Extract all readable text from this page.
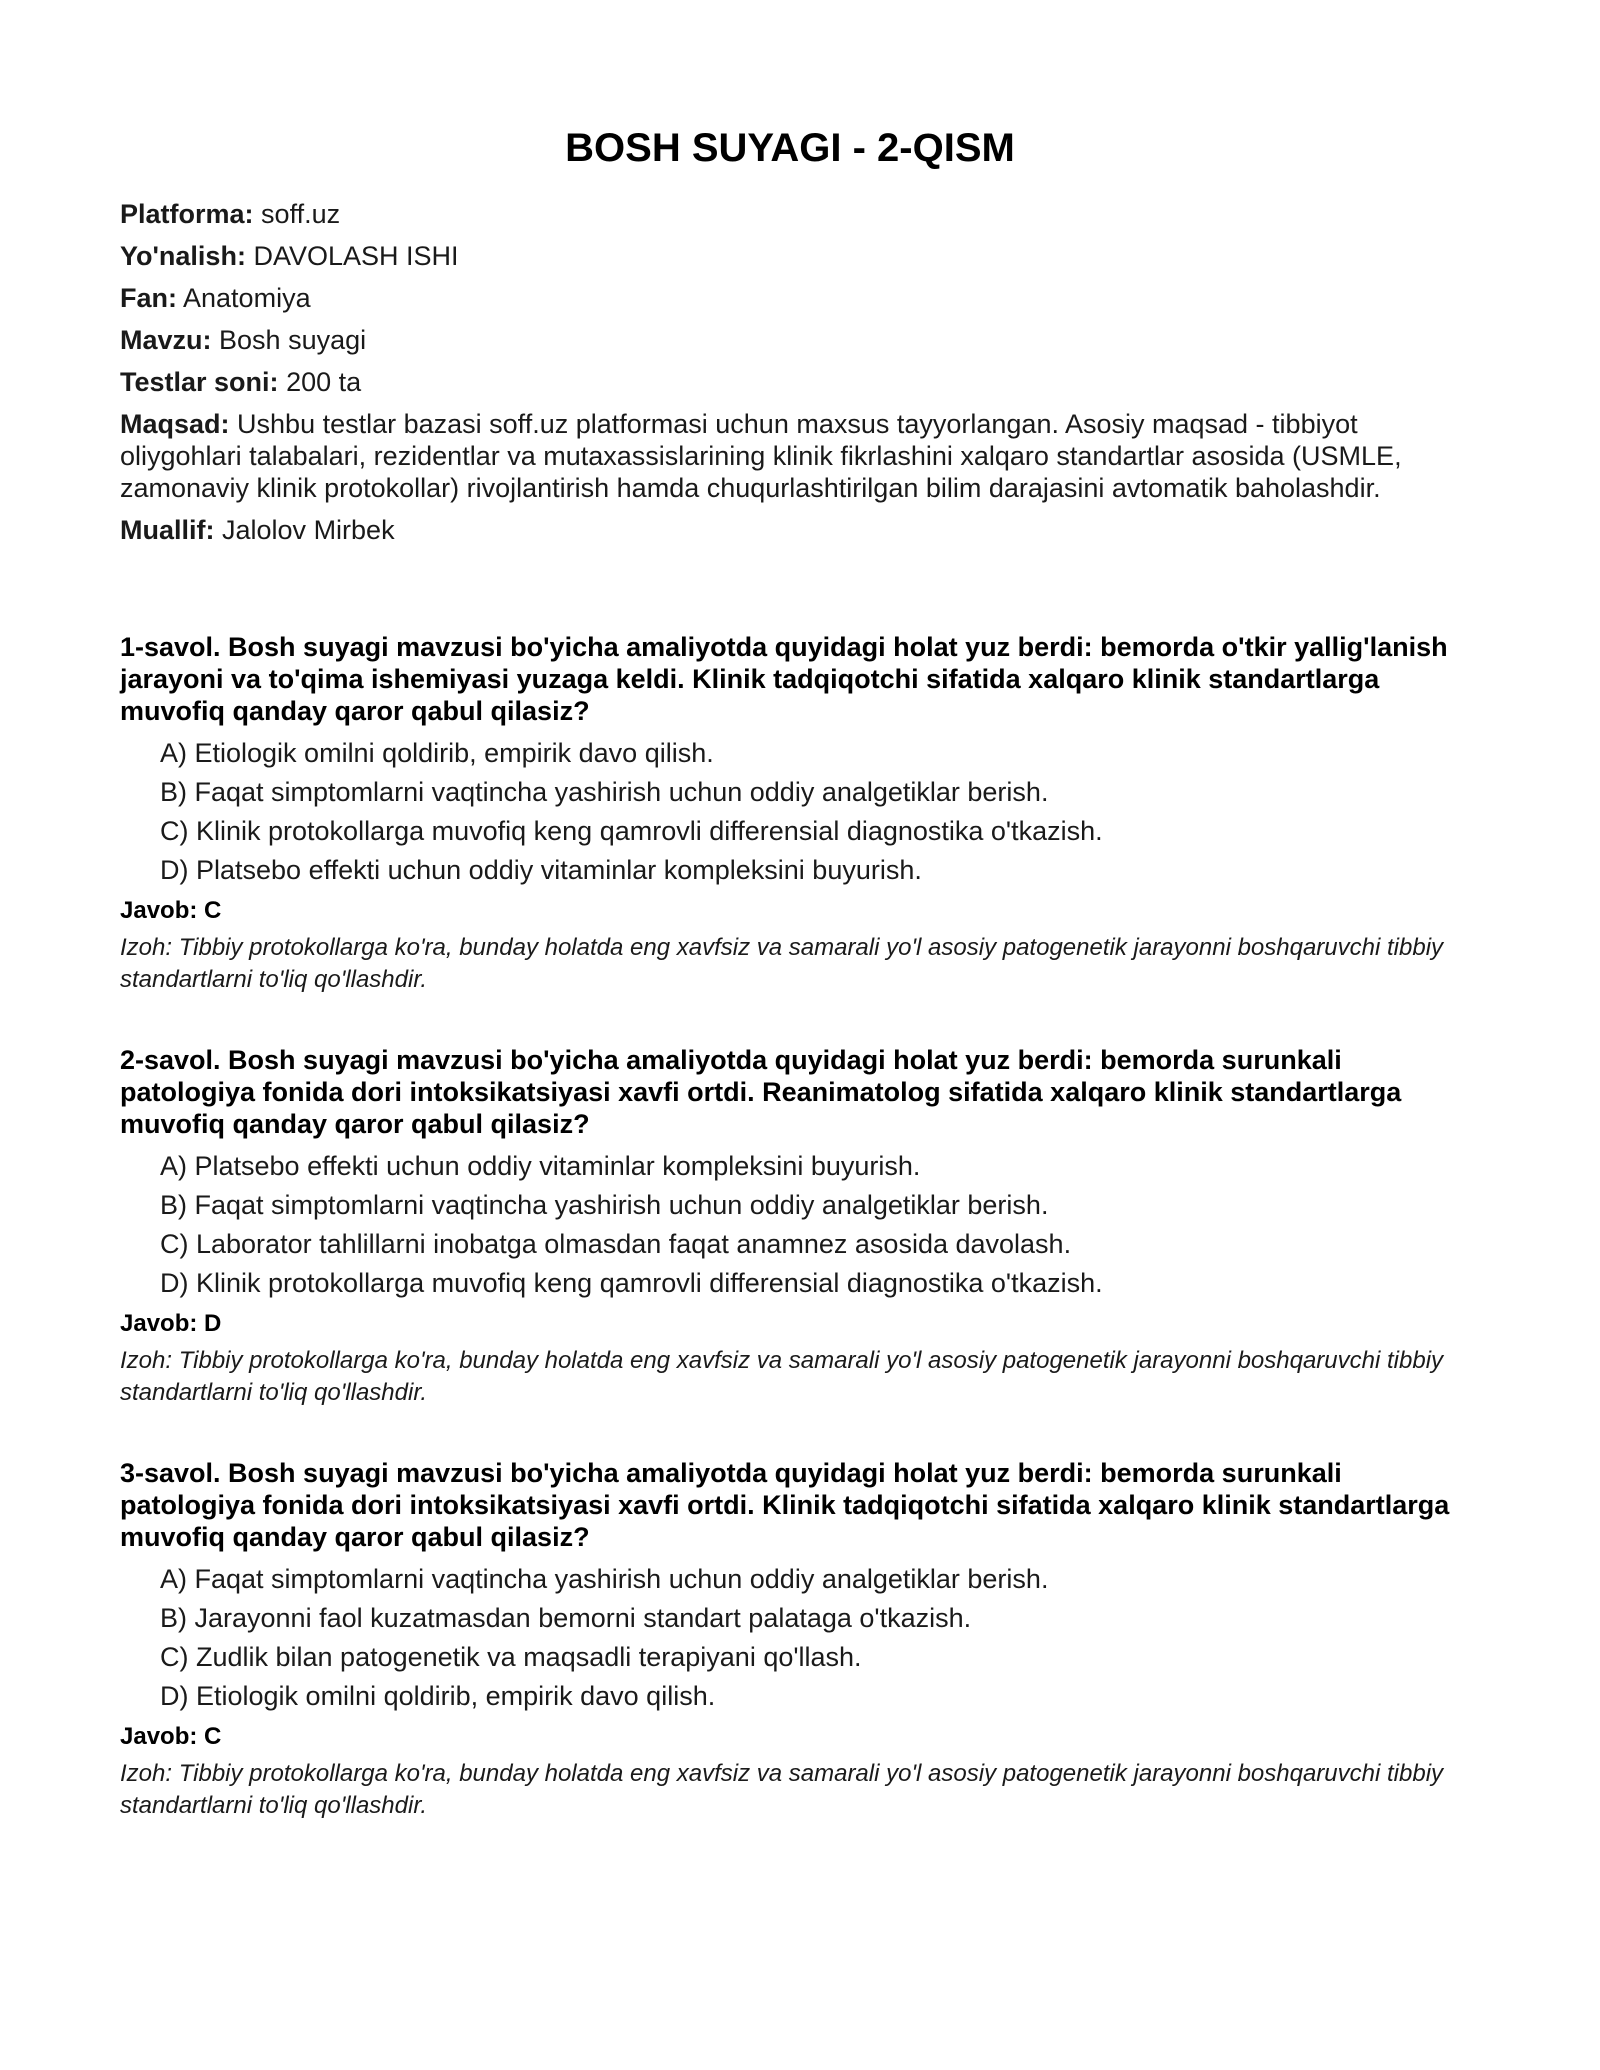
BOSH SUYAGI - 2-QISM

Platforma: soff.uz

Yo'nalish: DAVOLASH ISHI

Fan: Anatomiya

Mavzu: Bosh suyagi

Testlar soni: 200 ta

Maqsad: Ushbu testlar bazasi soff.uz platformasi uchun maxsus tayyorlangan. Asosiy maqsad - tibbiyot oliygohlari talabalari, rezidentlar va mutaxassislarining klinik fikrlashini xalqaro standartlar asosida (USMLE, zamonaviy klinik protokollar) rivojlantirish hamda chuqurlashtirilgan bilim darajasini avtomatik baholashdir.

Muallif: Jalolov Mirbek

1-savol. Bosh suyagi mavzusi bo'yicha amaliyotda quyidagi holat yuz berdi: bemorda o'tkir yallig'lanish jarayoni va to'qima ishemiyasi yuzaga keldi. Klinik tadqiqotchi sifatida xalqaro klinik standartlarga muvofiq qanday qaror qabul qilasiz?

A) Etiologik omilni qoldirib, empirik davo qilish.
B) Faqat simptomlarni vaqtincha yashirish uchun oddiy analgetiklar berish.
C) Klinik protokollarga muvofiq keng qamrovli differensial diagnostika o'tkazish.
D) Platsebo effekti uchun oddiy vitaminlar kompleksini buyurish.

Javob: C

Izoh: Tibbiy protokollarga ko'ra, bunday holatda eng xavfsiz va samarali yo'l asosiy patogenetik jarayonni boshqaruvchi tibbiy standartlarni to'liq qo'llashdir.

2-savol. Bosh suyagi mavzusi bo'yicha amaliyotda quyidagi holat yuz berdi: bemorda surunkali patologiya fonida dori intoksikatsiyasi xavfi ortdi. Reanimatolog sifatida xalqaro klinik standartlarga muvofiq qanday qaror qabul qilasiz?

A) Platsebo effekti uchun oddiy vitaminlar kompleksini buyurish.
B) Faqat simptomlarni vaqtincha yashirish uchun oddiy analgetiklar berish.
C) Laborator tahlillarni inobatga olmasdan faqat anamnez asosida davolash.
D) Klinik protokollarga muvofiq keng qamrovli differensial diagnostika o'tkazish.

Javob: D

Izoh: Tibbiy protokollarga ko'ra, bunday holatda eng xavfsiz va samarali yo'l asosiy patogenetik jarayonni boshqaruvchi tibbiy standartlarni to'liq qo'llashdir.

3-savol. Bosh suyagi mavzusi bo'yicha amaliyotda quyidagi holat yuz berdi: bemorda surunkali patologiya fonida dori intoksikatsiyasi xavfi ortdi. Klinik tadqiqotchi sifatida xalqaro klinik standartlarga muvofiq qanday qaror qabul qilasiz?

A) Faqat simptomlarni vaqtincha yashirish uchun oddiy analgetiklar berish.
B) Jarayonni faol kuzatmasdan bemorni standart palataga o'tkazish.
C) Zudlik bilan patogenetik va maqsadli terapiyani qo'llash.
D) Etiologik omilni qoldirib, empirik davo qilish.

Javob: C

Izoh: Tibbiy protokollarga ko'ra, bunday holatda eng xavfsiz va samarali yo'l asosiy patogenetik jarayonni boshqaruvchi tibbiy standartlarni to'liq qo'llashdir.
